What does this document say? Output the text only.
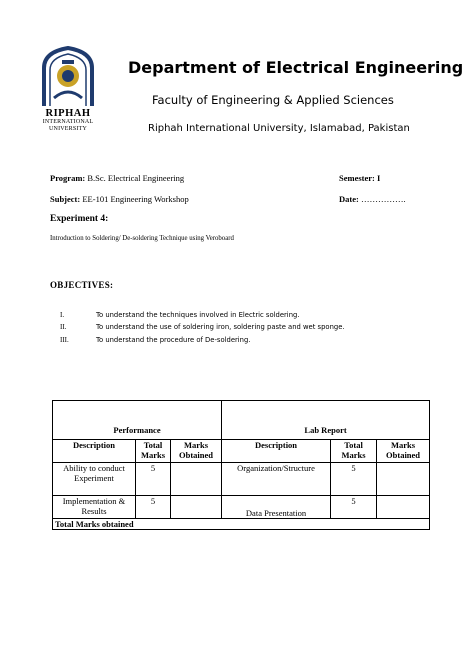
RIPHAH
INTERNATIONAL
UNIVERSITY
Department of Electrical Engineering
Faculty of Engineering & Applied Sciences
Riphah International University, Islamabad, Pakistan
Program: B.Sc. Electrical Engineering	Semester: I
Subject: EE-101 Engineering Workshop	Date: …………….
Experiment 4:
Introduction to Soldering/ De-soldering Technique using Veroboard
OBJECTIVES:
I.	To understand the techniques involved in Electric soldering.
II.	To understand the use of soldering iron, soldering paste and wet sponge.
III.	To understand the procedure of De-soldering.
Performance			Lab Report		
Description	Total Marks	Marks Obtained	Description	Total Marks	Marks Obtained
Ability to conduct Experiment	5		Organization/Structure	5	
Implementation & Results	5		Data Presentation	5	
Total Marks obtained					
